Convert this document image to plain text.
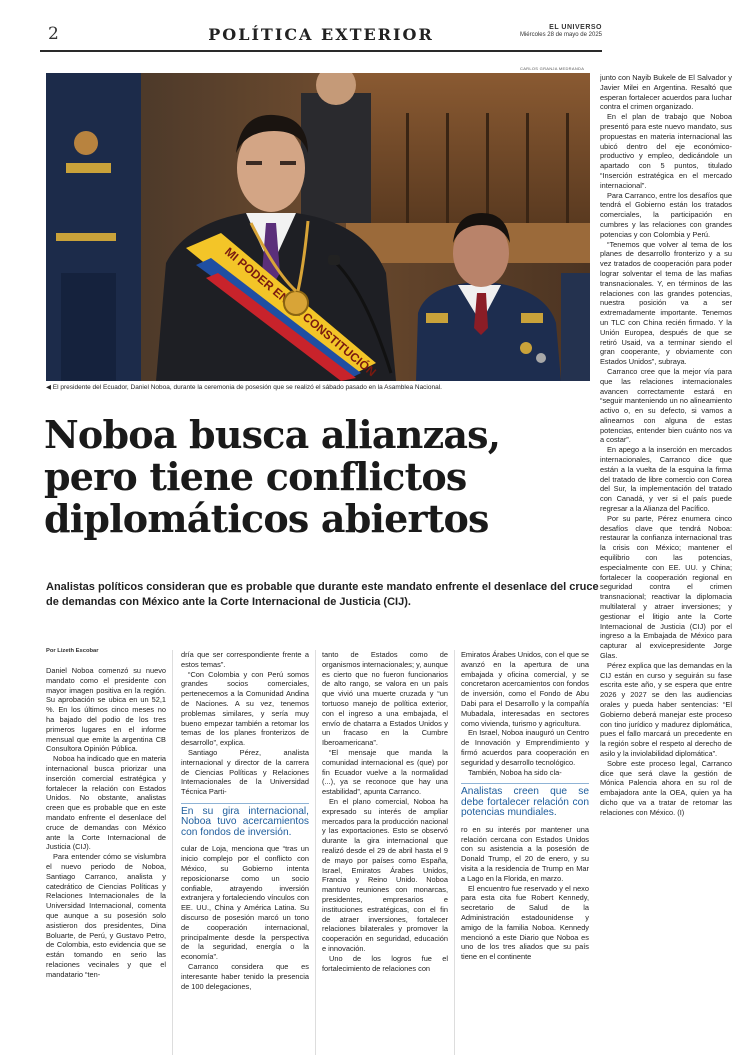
2	POLÍTICA EXTERIOR	EL UNIVERSO
Miércoles 28 de mayo de 2025
CARLOS GRANJA MEDRANDA
MI PODER EN CONSTITUCIÓN
◀ El presidente del Ecuador, Daniel Noboa, durante la ceremonia de posesión que se realizó el sábado pasado en la Asamblea Nacional.
Noboa busca alianzas, pero tiene conflictos diplomáticos abiertos

Analistas políticos consideran que es probable que durante este mandato enfrente el desenlace del cruce de demandas con México ante la Corte Internacional de Justicia (CIJ).

Por Lizeth Escobar

Daniel Noboa comenzó su nuevo mandato como el presidente con mayor imagen positiva en la región. Su aprobación se ubica en un 52,1 %. En los últimos cinco meses no ha bajado del podio de los tres primeros lugares en el informe mensual que emite la argentina CB Consultora Opinión Pública.

Noboa ha indicado que en materia internacional busca priorizar una inserción comercial estratégica y fortalecer la relación con Estados Unidos. No obstante, analistas creen que es probable que en este mandato enfrente el desenlace del cruce de demandas con México ante la Corte Internacional de Justicia (CIJ).

Para entender cómo se vislumbra el nuevo periodo de Noboa, Santiago Carranco, analista y catedrático de Ciencias Políticas y Relaciones Internacionales de la Universidad Internacional, comenta que aunque a su posesión solo asistieron dos presidentes, Dina Boluarte, de Perú, y Gustavo Petro, de Colombia, esto evidencia que se están tomando en serio las relaciones vecinales y que el mandatario “ten-

dría que ser correspondiente frente a estos temas”.

“Con Colombia y con Perú somos grandes socios comerciales, pertenecemos a la Comunidad Andina de Naciones. A su vez, tenemos problemas similares, y sería muy bueno empezar también a retomar los temas de los planes fronterizos de desarrollo”, explica.

Santiago Pérez, analista internacional y director de la carrera de Ciencias Políticas y Relaciones Internacionales de la Universidad Técnica Parti-

En su gira internacional, Noboa tuvo acercamientos con fondos de inversión.

cular de Loja, menciona que “tras un inicio complejo por el conflicto con México, su Gobierno intenta reposicionarse como un socio confiable, atrayendo inversión extranjera y fortaleciendo vínculos con EE. UU., China y América Latina. Su discurso de posesión marcó un tono de cooperación internacional, principalmente desde la perspectiva de la seguridad, energía o la economía”.

Carranco considera que es interesante haber tenido la presencia de 100 delegaciones,

tanto de Estados como de organismos internacionales; y, aunque es cierto que no fueron funcionarios de alto rango, se valora en un país que vivió una muerte cruzada y “un tortuoso manejo de política exterior, con el ingreso a una embajada, el envío de chatarra a Estados Unidos y un fracaso en la Cumbre Iberoamericana”.

“El mensaje que manda la comunidad internacional es (que) por fin Ecuador vuelve a la normalidad (...), ya se reconoce que hay una estabilidad”, apunta Carranco.

En el plano comercial, Noboa ha expresado su interés de ampliar mercados para la producción nacional y las exportaciones. Esto se observó durante la gira internacional que realizó desde el 29 de abril hasta el 9 de mayo por países como España, Israel, Emiratos Árabes Unidos, Francia y Reino Unido. Noboa mantuvo reuniones con monarcas, presidentes, empresarios e instituciones estratégicas, con el fin de atraer inversiones, fortalecer relaciones bilaterales y promover la cooperación en seguridad, educación e innovación.

Uno de los logros fue el fortalecimiento de relaciones con

Emiratos Árabes Unidos, con el que se avanzó en la apertura de una embajada y oficina comercial, y se concretaron acercamientos con fondos de inversión, como el Fondo de Abu Dabi para el Desarrollo y la compañía Mubadala, interesadas en sectores como vivienda, turismo y agricultura.

En Israel, Noboa inauguró un Centro de Innovación y Emprendimiento y firmó acuerdos para cooperación en seguridad y desarrollo tecnológico.

También, Noboa ha sido cla-

Analistas creen que se debe fortalecer relación con potencias mundiales.

ro en su interés por mantener una relación cercana con Estados Unidos con su asistencia a la posesión de Donald Trump, el 20 de enero, y su visita a la residencia de Trump en Mar a Lago en la Florida, en marzo.

El encuentro fue reservado y el nexo para esta cita fue Robert Kennedy, secretario de Salud de la Administración estadounidense y amigo de la familia Noboa. Kennedy mencionó a este Diario que Noboa es uno de los tres aliados que su país tiene en el continente

junto con Nayib Bukele de El Salvador y Javier Milei en Argentina. Resaltó que esperan fortalecer acuerdos para luchar contra el crimen organizado.

En el plan de trabajo que Noboa presentó para este nuevo mandato, sus propuestas en materia internacional las ubicó dentro del eje económico-productivo y empleo, dedicándole un apartado con 5 puntos, titulado “Inserción estratégica en el mercado internacional”.

Para Carranco, entre los desafíos que tendrá el Gobierno están los tratados comerciales, la participación en cumbres y las relaciones con grandes potencias y con Colombia y Perú.

“Tenemos que volver al tema de los planes de desarrollo fronterizo y a su vez tratados de cooperación para poder lograr solventar el tema de las mafias transnacionales. Y, en términos de las relaciones con las grandes potencias, nuestra posición va a ser extremadamente importante. Tenemos un TLC con China recién firmado. Y la Unión Europea, después de que se retiró Usaid, va a terminar siendo el gran cooperante, y obviamente con Estados Unidos”, subraya.

Carranco cree que la mejor vía para que las relaciones internacionales avancen correctamente estará en “seguir manteniendo un no alineamiento activo o, en su defecto, si vamos a alinearnos con alguna de estas potencias, entender bien cuánto nos va a costar”.

En apego a la inserción en mercados internacionales, Carranco dice que están a la vuelta de la esquina la firma del tratado de libre comercio con Corea del Sur, la implementación del tratado con Canadá, y ver si el país puede regresar a la Alianza del Pacífico.

Por su parte, Pérez enumera cinco desafíos clave que tendrá Noboa: restaurar la confianza internacional tras la crisis con México; mantener el equilibrio con las potencias, especialmente con EE. UU. y China; fortalecer la cooperación regional en seguridad contra el crimen transnacional; reactivar la diplomacia multilateral y atraer inversiones; y gestionar el litigio ante la Corte Internacional de Justicia (CIJ) por el ingreso a la Embajada de México para capturar al exvicepresidente Jorge Glas.

Pérez explica que las demandas en la CIJ están en curso y seguirán su fase escrita este año, y se espera que entre 2026 y 2027 se den las audiencias orales y pueda haber sentencias: “El Gobierno deberá manejar este proceso con tino jurídico y madurez diplomática, pues el fallo marcará un precedente en la región sobre el respeto al derecho de asilo y la inviolabilidad diplomática”.

Sobre este proceso legal, Carranco dice que será clave la gestión de Mónica Palencia ahora en su rol de embajadora ante la OEA, quien ya ha dicho que va a tratar de retomar las relaciones con México. (I)
